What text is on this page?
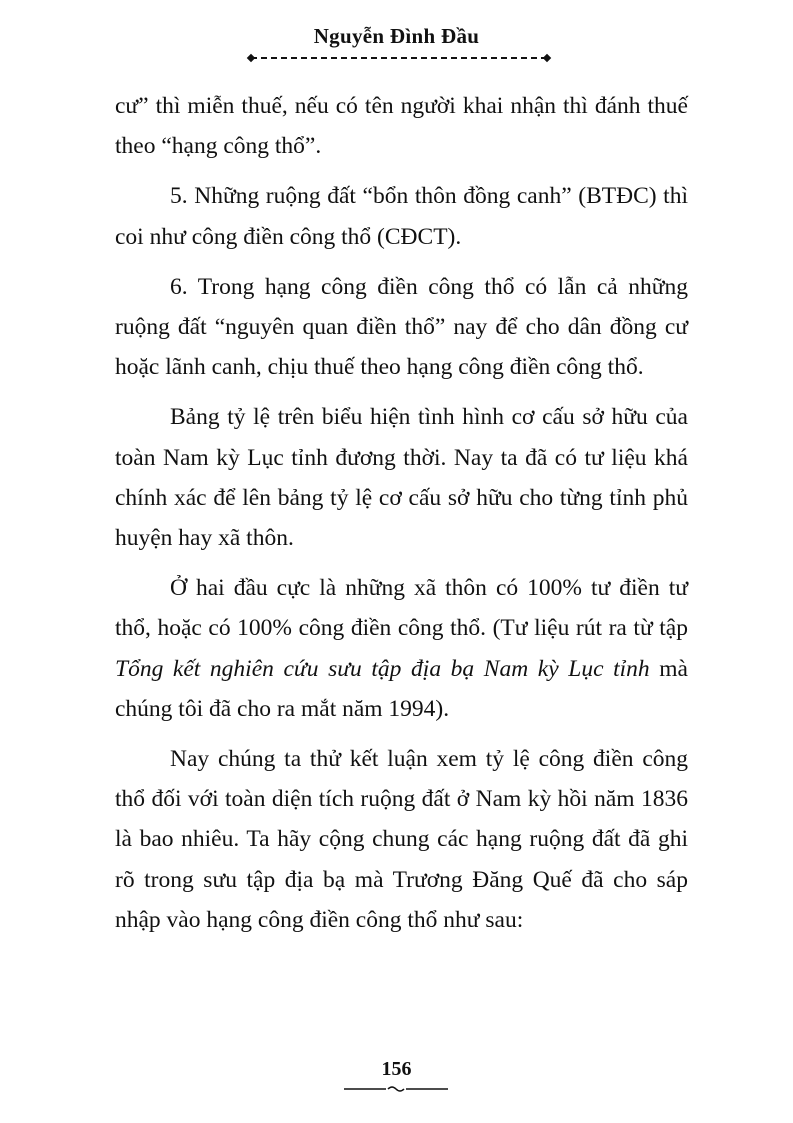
Nguyễn Đình Đầu

cư” thì miễn thuế, nếu có tên người khai nhận thì đánh thuế theo “hạng công thổ”.

5. Những ruộng đất “bổn thôn đồng canh” (BTĐC) thì coi như công điền công thổ (CĐCT).

6. Trong hạng công điền công thổ có lẫn cả những ruộng đất “nguyên quan điền thổ” nay để cho dân đồng cư hoặc lãnh canh, chịu thuế theo hạng công điền công thổ.

Bảng tỷ lệ trên biểu hiện tình hình cơ cấu sở hữu của toàn Nam kỳ Lục tỉnh đương thời. Nay ta đã có tư liệu khá chính xác để lên bảng tỷ lệ cơ cấu sở hữu cho từng tỉnh phủ huyện hay xã thôn.

Ở hai đầu cực là những xã thôn có 100% tư điền tư thổ, hoặc có 100% công điền công thổ. (Tư liệu rút ra từ tập Tổng kết nghiên cứu sưu tập địa bạ Nam kỳ Lục tỉnh mà chúng tôi đã cho ra mắt năm 1994).

Nay chúng ta thử kết luận xem tỷ lệ công điền công thổ đối với toàn diện tích ruộng đất ở Nam kỳ hồi năm 1836 là bao nhiêu. Ta hãy cộng chung các hạng ruộng đất đã ghi rõ trong sưu tập địa bạ mà Trương Đăng Quế đã cho sáp nhập vào hạng công điền công thổ như sau:

156
